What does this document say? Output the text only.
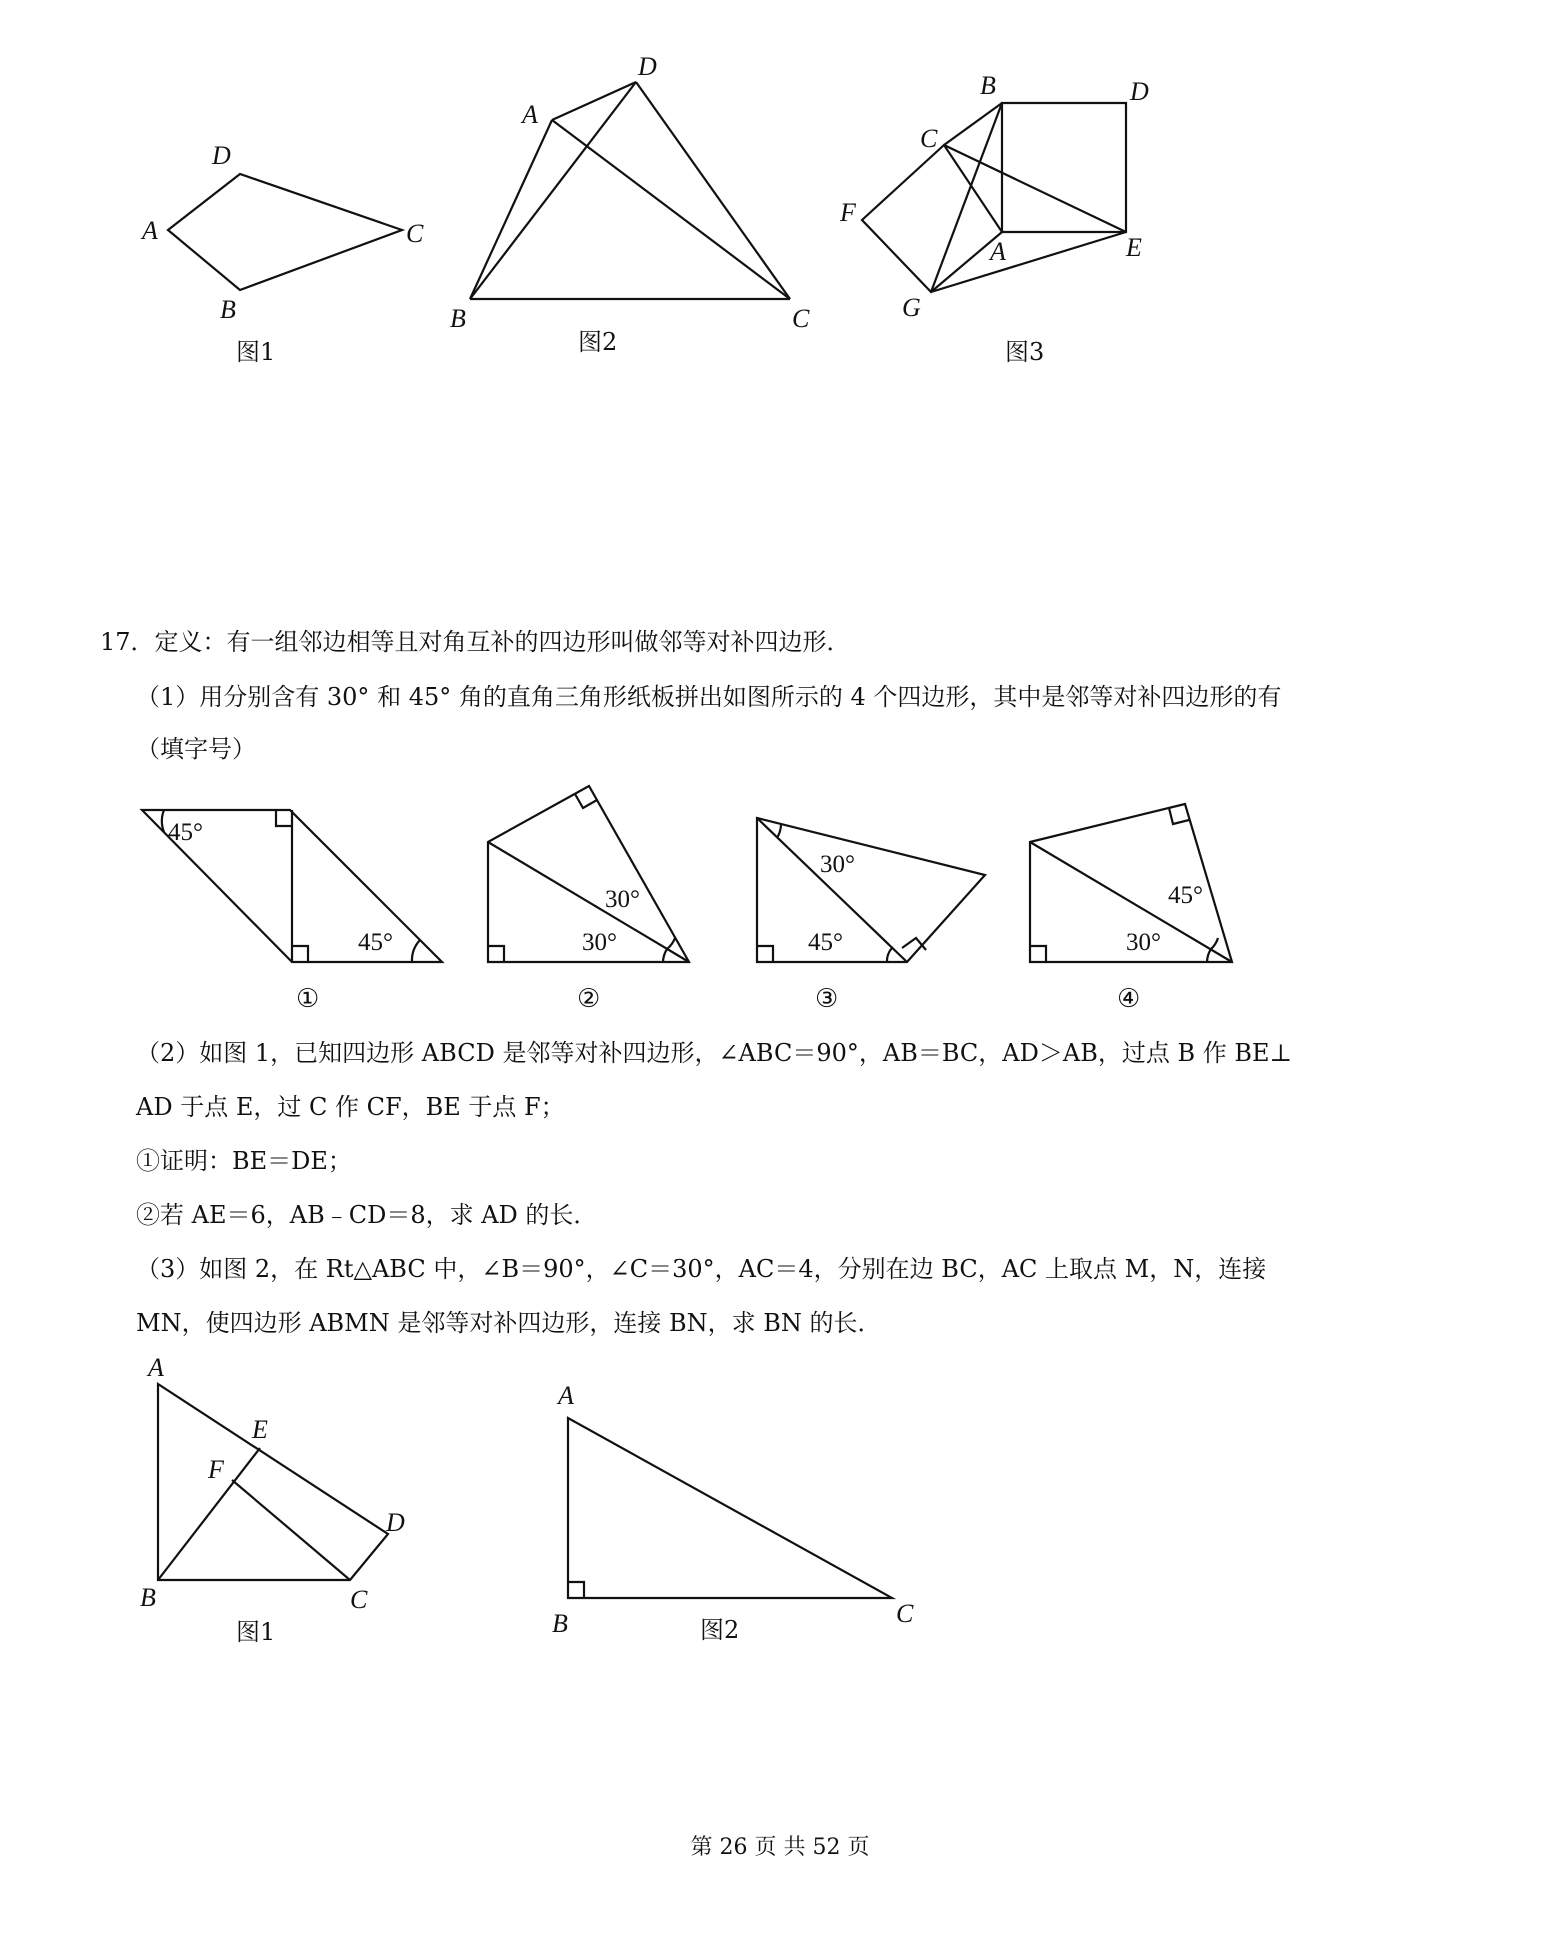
A
D
C
B
图1
A
D
B	C
图2
B	D
C
F
A	E
G
图3
17．定义：有一组邻边相等且对角互补的四边形叫做邻等对补四边形．
（1）用分别含有 30° 和 45° 角的直角三角形纸板拼出如图所示的 4 个四边形，其中是邻等对补四边形的有
（填字号）
45°
45°
①
30°
30°
②
30°
45°
③
45°
30°
④
（2）如图 1，已知四边形 ABCD 是邻等对补四边形，∠ABC＝90°，AB＝BC，AD＞AB，过点 B 作 BE⊥
AD 于点 E，过 C 作 CF，BE 于点 F；
①证明：BE＝DE；
②若 AE＝6，AB﹣CD＝8，求 AD 的长．
（3）如图 2，在 Rt△ABC 中，∠B＝90°，∠C＝30°，AC＝4，分别在边 BC，AC 上取点 M，N，连接
MN，使四边形 ABMN 是邻等对补四边形，连接 BN，求 BN 的长．
A
E
F
D
B	C
图1
A
B	C
图2
第 26 页 共 52 页
